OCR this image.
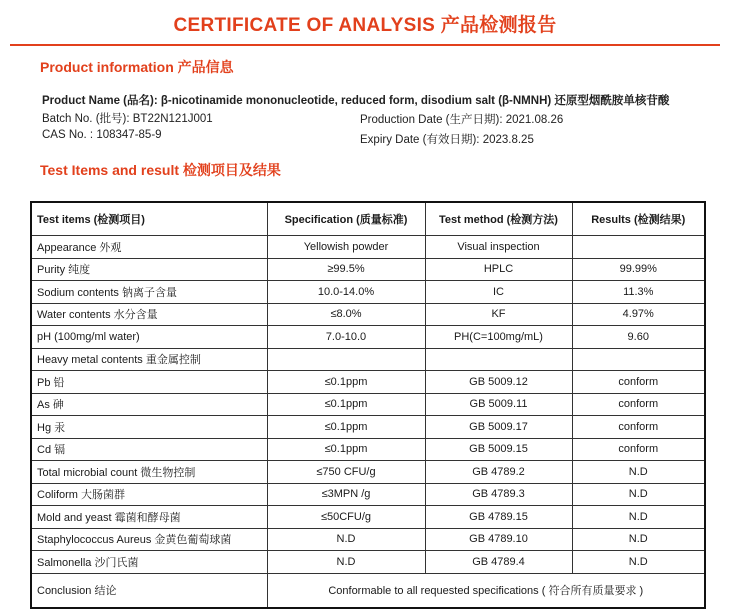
CERTIFICATE OF ANALYSIS 产品检测报告
Product information 产品信息
Product Name (品名): β-nicotinamide mononucleotide, reduced form, disodium salt (β-NMNH) 还原型烟酰胺单核苷酸
Batch No. (批号): BT22N121J001	Production Date (生产日期): 2021.08.26
CAS No. : 108347-85-9	Expiry Date (有效日期): 2023.8.25
Test Items and result 检测项目及结果
Test items (检测项目)	Specification (质量标准)	Test method (检测方法)	Results (检测结果)
Appearance 外观	Yellowish powder	Visual inspection	
Purity 纯度	≥99.5%	HPLC	99.99%
Sodium contents 钠离子含量	10.0-14.0%	IC	11.3%
Water contents 水分含量	≤8.0%	KF	4.97%
pH (100mg/ml water)	7.0-10.0	PH(C=100mg/mL)	9.60
Heavy metal contents 重金属控制			
Pb 铅	≤0.1ppm	GB 5009.12	conform
As 砷	≤0.1ppm	GB 5009.11	conform
Hg 汞	≤0.1ppm	GB 5009.17	conform
Cd 镉	≤0.1ppm	GB 5009.15	conform
Total microbial count 微生物控制	≤750 CFU/g	GB 4789.2	N.D
Coliform 大肠菌群	≤3MPN /g	GB 4789.3	N.D
Mold and yeast 霉菌和酵母菌	≤50CFU/g	GB 4789.15	N.D
Staphylococcus Aureus 金黄色葡萄球菌	N.D	GB 4789.10	N.D
Salmonella 沙门氏菌	N.D	GB 4789.4	N.D
Conclusion 结论	Conformable to all requested specifications ( 符合所有质量要求 )		
